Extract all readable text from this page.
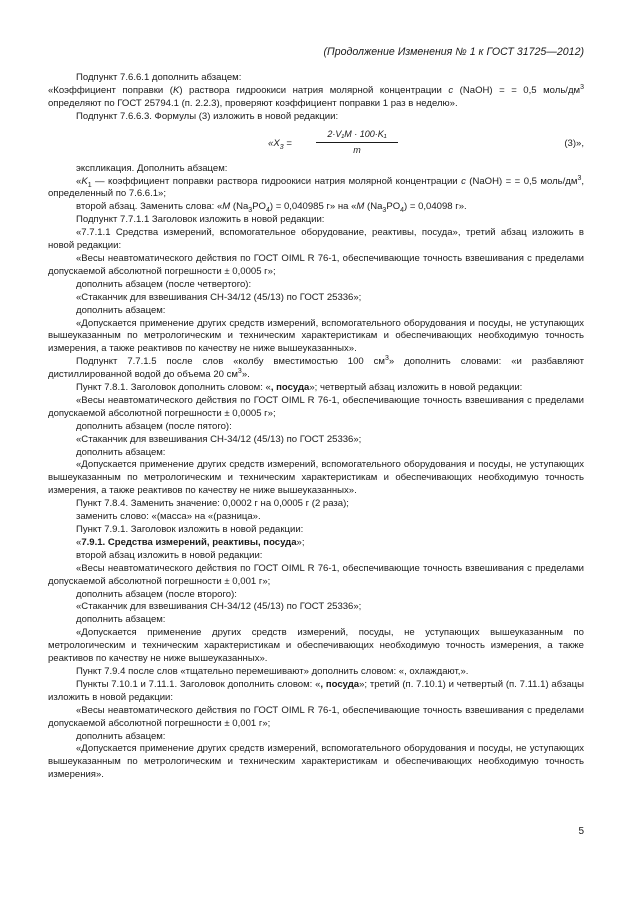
(Продолжение Изменения № 1 к ГОСТ 31725—2012)

Подпункт 7.6.6.1 дополнить абзацем:

«Коэффициент поправки (K) раствора гидроокиси натрия молярной концентрации c (NaOH) = = 0,5 моль/$дм^3$ определяют по ГОСТ 25794.1 (п. 2.2.3), проверяют коэффициент поправки 1 раз в неделю».

Подпункт 7.6.6.3. Формулы (3) изложить в новой редакции:

«$X_3$ =	$\frac{\text{2·V₁M · 100·K₁}}{m}$	(3)»,

экспликация. Дополнить абзацем:

«$K_1$ — коэффициент поправки раствора гидроокиси натрия молярной концентрации c (NaOH) = = 0,5 моль/$дм^3$, определенный по 7.6.6.1»;

второй абзац. Заменить слова: «M $(Na_3PO_4) = 0,040985$ г» на «M $(Na_3PO_4) = 0,04098$ г».

Подпункт 7.7.1.1 Заголовок изложить в новой редакции:

«7.7.1.1 Средства измерений, вспомогательное оборудование, реактивы, посуда», третий абзац изложить в новой редакции:

«Весы неавтоматического действия по ГОСТ OIML R 76-1, обеспечивающие точность взвешивания с пределами допускаемой абсолютной погрешности ± 0,0005 г»;

дополнить абзацем (после четвертого):

«Стаканчик для взвешивания СН-34/12 (45/13) по ГОСТ 25336»;

дополнить абзацем:

«Допускается применение других средств измерений, вспомогательного оборудования и посуды, не уступающих вышеуказанным по метрологическим и техническим характеристикам и обеспечивающих необходимую точность измерения, а также реактивов по качеству не ниже вышеуказанных».

Подпункт 7.7.1.5 после слов «колбу вместимостью 100 $см^3$» дополнить словами: «и разбавляют дистиллированной водой до объема 20 $см^3$».

Пункт 7.8.1. Заголовок дополнить словом: «, посуда»; четвертый абзац изложить в новой редакции:

«Весы неавтоматического действия по ГОСТ OIML R 76-1, обеспечивающие точность взвешивания с пределами допускаемой абсолютной погрешности ± 0,0005 г»;

дополнить абзацем (после пятого):

«Стаканчик для взвешивания СН-34/12 (45/13) по ГОСТ 25336»;

дополнить абзацем:

«Допускается применение других средств измерений, вспомогательного оборудования и посуды, не уступающих вышеуказанным по метрологическим и техническим характеристикам и обеспечивающих необходимую точность измерения, а также реактивов по качеству не ниже вышеуказанных».

Пункт 7.8.4. Заменить значение: 0,0002 г на 0,0005 г (2 раза);

заменить слово: «(масса» на «(разница».

Пункт 7.9.1. Заголовок изложить в новой редакции:

«7.9.1. Средства измерений, реактивы, посуда»;

второй абзац изложить в новой редакции:

«Весы неавтоматического действия по ГОСТ OIML R 76-1, обеспечивающие точность взвешивания с пределами допускаемой абсолютной погрешности ± 0,001 г»;

дополнить абзацем (после второго):

«Стаканчик для взвешивания СН-34/12 (45/13) по ГОСТ 25336»;

дополнить абзацем:

«Допускается применение других средств измерений, посуды, не уступающих вышеуказанным по метрологическим и техническим характеристикам и обеспечивающих необходимую точность измерения, а также реактивов по качеству не ниже вышеуказанных».

Пункт 7.9.4 после слов «тщательно перемешивают» дополнить словом: «, охлаждают,».

Пункты 7.10.1 и 7.11.1. Заголовок дополнить словом: «, посуда»; третий (п. 7.10.1) и четвертый (п. 7.11.1) абзацы изложить в новой редакции:

«Весы неавтоматического действия по ГОСТ OIML R 76-1, обеспечивающие точность взвешивания с пределами допускаемой абсолютной погрешности ± 0,001 г»;

дополнить абзацем:

«Допускается применение других средств измерений, вспомогательного оборудования и посуды, не уступающих вышеуказанным по метрологическим и техническим характеристикам и обеспечивающих необходимую точность измерения».

5
